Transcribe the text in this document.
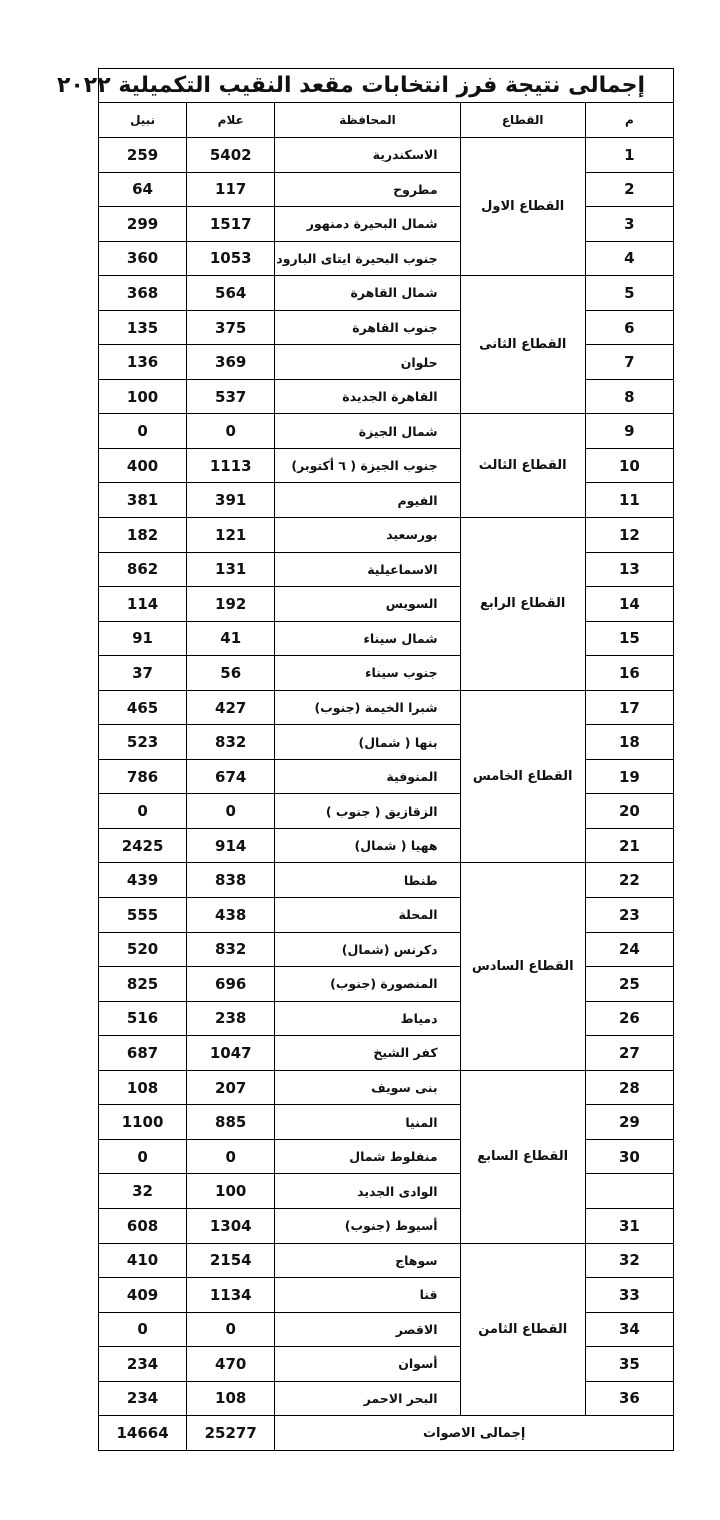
إجمالى نتيجة فرز انتخابات مقعد النقيب التكميلية ٢٠٢٢
نبيل	علام	المحافظة	القطاع	م
259	5402	الاسكندرية	القطاع الاول	1
64	117	مطروح		2
299	1517	شمال البحيرة دمنهور		3
360	1053	جنوب البحيرة ايتاى البارود		4
368	564	شمال القاهرة	القطاع الثانى	5
135	375	جنوب القاهرة		6
136	369	حلوان		7
100	537	القاهرة الجديدة		8
0	0	شمال الجيزة	القطاع الثالث	9
400	1113	جنوب الجيزة ( ٦ أكتوبر)		10
381	391	الفيوم		11
182	121	بورسعيد	القطاع الرابع	12
862	131	الاسماعيلية		13
114	192	السويس		14
91	41	شمال سيناء		15
37	56	جنوب سيناء		16
465	427	شبرا الخيمة (جنوب)	القطاع الخامس	17
523	832	بنها ( شمال)		18
786	674	المنوفية		19
0	0	الزقازيق ( جنوب )		20
2425	914	ههيا ( شمال)		21
439	838	طنطا	القطاع السادس	22
555	438	المحلة		23
520	832	دكرنس (شمال)		24
825	696	المنصورة (جنوب)		25
516	238	دمياط		26
687	1047	كفر الشيخ		27
108	207	بنى سويف	القطاع السابع	28
1100	885	المنيا		29
0	0	منفلوط شمال		30
32	100	الوادى الجديد		
608	1304	أسيوط (جنوب)		31
410	2154	سوهاج	القطاع الثامن	32
409	1134	قنا		33
0	0	الاقصر		34
234	470	أسوان		35
234	108	البحر الاحمر		36
14664	25277	إجمالى الاصوات		
